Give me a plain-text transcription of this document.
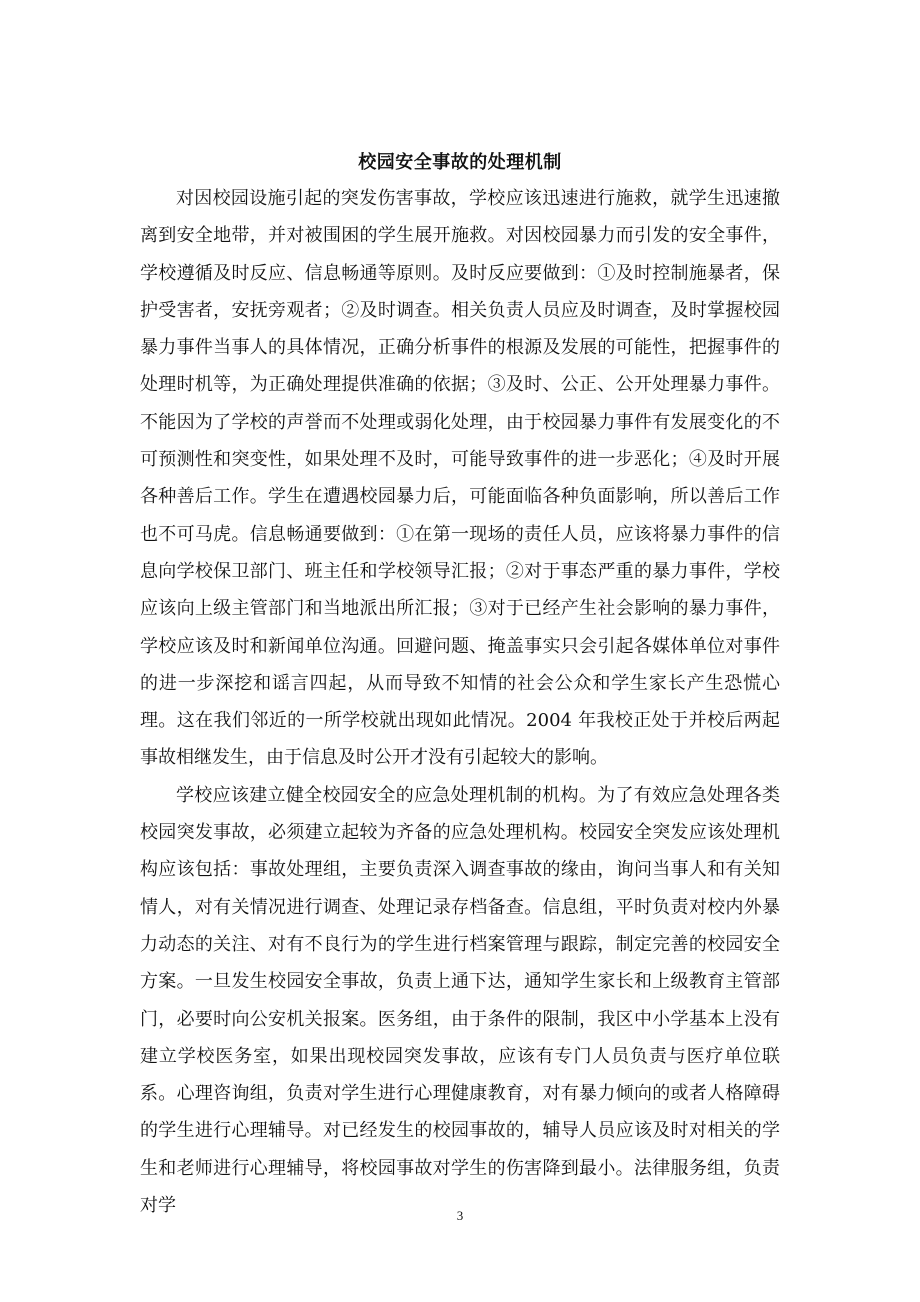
校园安全事故的处理机制

对因校园设施引起的突发伤害事故，学校应该迅速进行施救，就学生迅速撤离到安全地带，并对被围困的学生展开施救。对因校园暴力而引发的安全事件，学校遵循及时反应、信息畅通等原则。及时反应要做到：①及时控制施暴者，保护受害者，安抚旁观者；②及时调查。相关负责人员应及时调查，及时掌握校园暴力事件当事人的具体情况，正确分析事件的根源及发展的可能性，把握事件的处理时机等，为正确处理提供准确的依据；③及时、公正、公开处理暴力事件。不能因为了学校的声誉而不处理或弱化处理，由于校园暴力事件有发展变化的不可预测性和突变性，如果处理不及时，可能导致事件的进一步恶化；④及时开展各种善后工作。学生在遭遇校园暴力后，可能面临各种负面影响，所以善后工作也不可马虎。信息畅通要做到：①在第一现场的责任人员，应该将暴力事件的信息向学校保卫部门、班主任和学校领导汇报；②对于事态严重的暴力事件，学校应该向上级主管部门和当地派出所汇报；③对于已经产生社会影响的暴力事件，学校应该及时和新闻单位沟通。回避问题、掩盖事实只会引起各媒体单位对事件的进一步深挖和谣言四起，从而导致不知情的社会公众和学生家长产生恐慌心理。这在我们邻近的一所学校就出现如此情况。2004 年我校正处于并校后两起事故相继发生，由于信息及时公开才没有引起较大的影响。

学校应该建立健全校园安全的应急处理机制的机构。为了有效应急处理各类校园突发事故，必须建立起较为齐备的应急处理机构。校园安全突发应该处理机构应该包括：事故处理组，主要负责深入调查事故的缘由，询问当事人和有关知情人，对有关情况进行调查、处理记录存档备查。信息组，平时负责对校内外暴力动态的关注、对有不良行为的学生进行档案管理与跟踪，制定完善的校园安全方案。一旦发生校园安全事故，负责上通下达，通知学生家长和上级教育主管部门，必要时向公安机关报案。医务组，由于条件的限制，我区中小学基本上没有建立学校医务室，如果出现校园突发事故，应该有专门人员负责与医疗单位联系。心理咨询组，负责对学生进行心理健康教育，对有暴力倾向的或者人格障碍的学生进行心理辅导。对已经发生的校园事故的，辅导人员应该及时对相关的学生和老师进行心理辅导，将校园事故对学生的伤害降到最小。法律服务组，负责对学	3
